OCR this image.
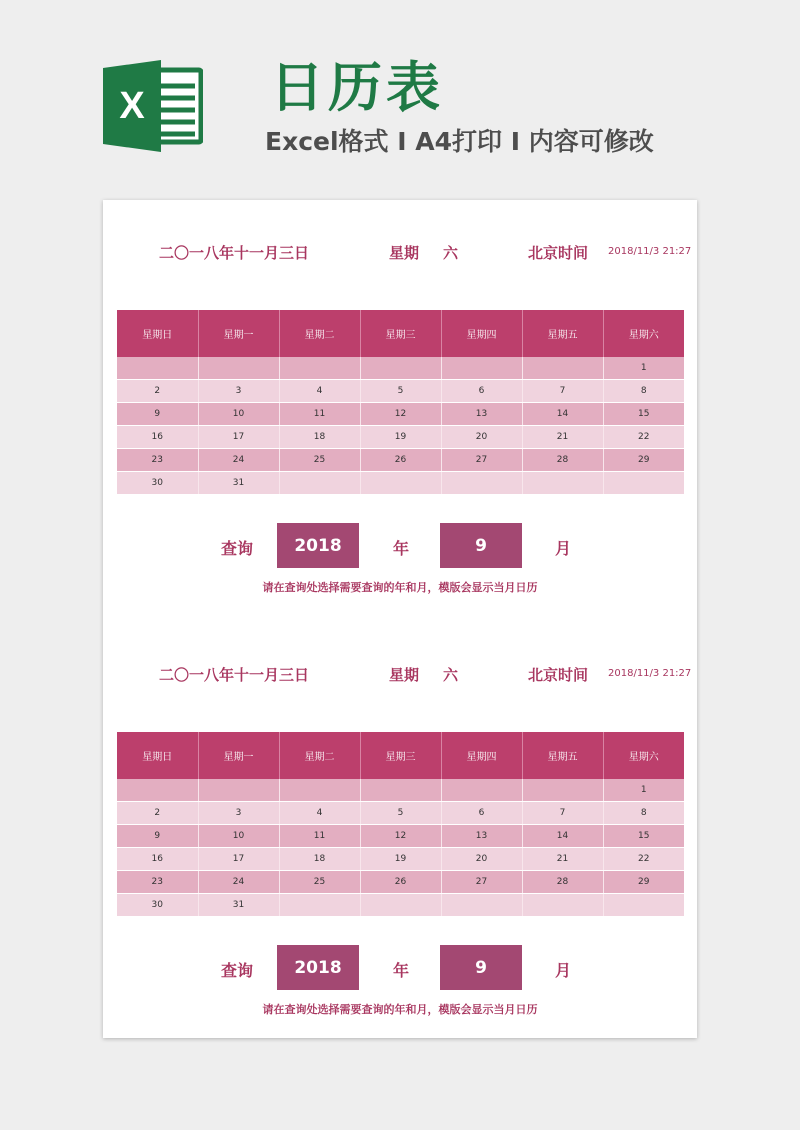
X 日历表
Excel格式 I A4打印 I 内容可修改
二〇一八年十一月三日	星期 六	北京时间 2018/11/3 21:27
星期日	星期一	星期二	星期三	星期四	星期五	星期六
						1
2	3	4	5	6	7	8
9	10	11	12	13	14	15
16	17	18	19	20	21	22
23	24	25	26	27	28	29
30	31					
查询	2018	年	9	月
请在查询处选择需要查询的年和月，模版会显示当月日历
二〇一八年十一月三日	星期 六	北京时间 2018/11/3 21:27
星期日	星期一	星期二	星期三	星期四	星期五	星期六
						1
2	3	4	5	6	7	8
9	10	11	12	13	14	15
16	17	18	19	20	21	22
23	24	25	26	27	28	29
30	31					
查询	2018	年	9	月
请在查询处选择需要查询的年和月，模版会显示当月日历
